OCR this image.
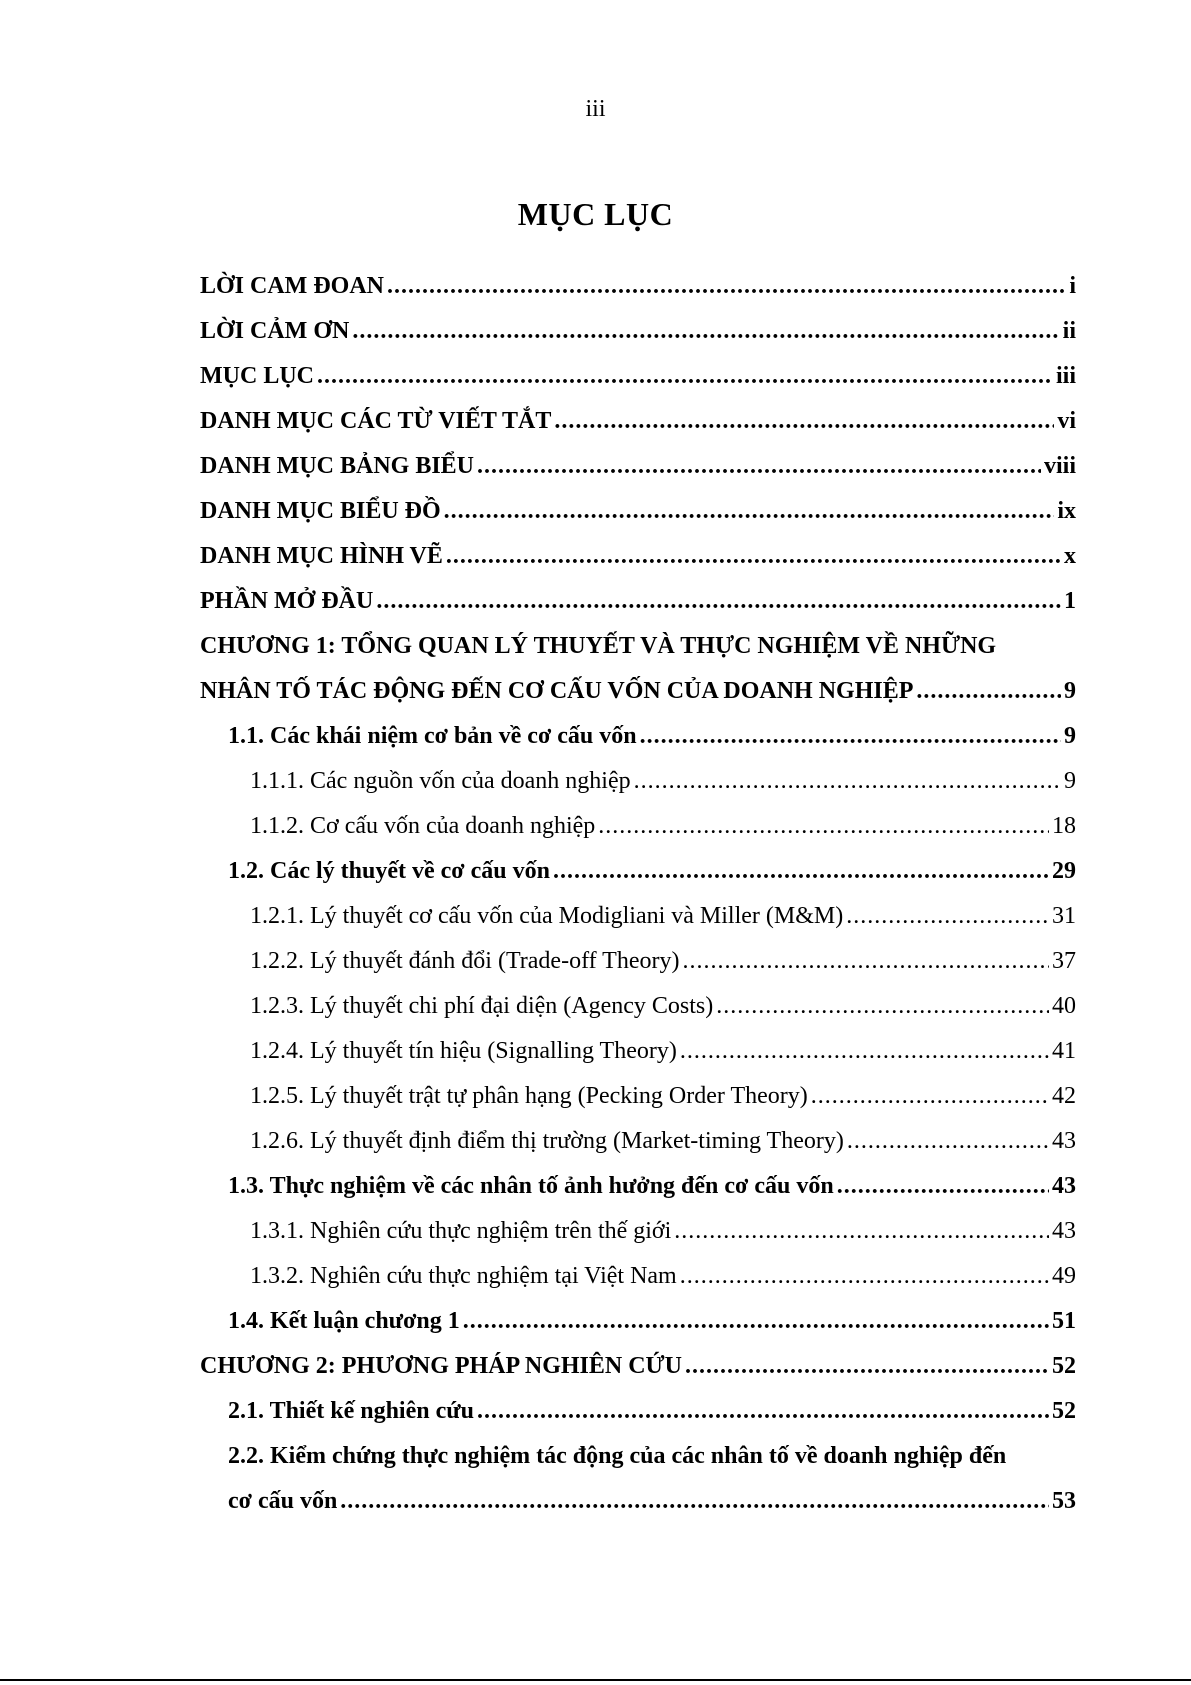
iii
MỤC LỤC
LỜI CAM ĐOAN .....	i
LỜI CẢM ƠN .....	ii
MỤC LỤC .....	iii
DANH MỤC CÁC TỪ VIẾT TẮT .....	vi
DANH MỤC BẢNG BIỂU .....	viii
DANH MỤC BIỂU ĐỒ .....	ix
DANH MỤC HÌNH VẼ .....	x
PHẦN MỞ ĐẦU .....	1
CHƯƠNG 1: TỔNG QUAN LÝ THUYẾT VÀ THỰC NGHIỆM VỀ NHỮNG
NHÂN TỐ TÁC ĐỘNG ĐẾN CƠ CẤU VỐN CỦA DOANH NGHIỆP .....	9
1.1. Các khái niệm cơ bản về cơ cấu vốn .....	9
1.1.1. Các nguồn vốn của doanh nghiệp .....	9
1.1.2. Cơ cấu vốn của doanh nghiệp .....	18
1.2. Các lý thuyết về cơ cấu vốn .....	29
1.2.1. Lý thuyết cơ cấu vốn của Modigliani và Miller (M&M) .....	31
1.2.2. Lý thuyết đánh đổi (Trade-off Theory) .....	37
1.2.3. Lý thuyết chi phí đại diện (Agency Costs) .....	40
1.2.4. Lý thuyết tín hiệu (Signalling Theory) .....	41
1.2.5. Lý thuyết trật tự phân hạng (Pecking Order Theory) .....	42
1.2.6. Lý thuyết định điểm thị trường (Market-timing Theory) .....	43
1.3. Thực nghiệm về các nhân tố ảnh hưởng đến cơ cấu vốn .....	43
1.3.1. Nghiên cứu thực nghiệm trên thế giới .....	43
1.3.2. Nghiên cứu thực nghiệm tại Việt Nam .....	49
1.4. Kết luận chương 1 .....	51
CHƯƠNG 2: PHƯƠNG PHÁP NGHIÊN CỨU .....	52
2.1. Thiết kế nghiên cứu .....	52
2.2. Kiểm chứng thực nghiệm tác động của các nhân tố về doanh nghiệp đến
cơ cấu vốn .....	53
